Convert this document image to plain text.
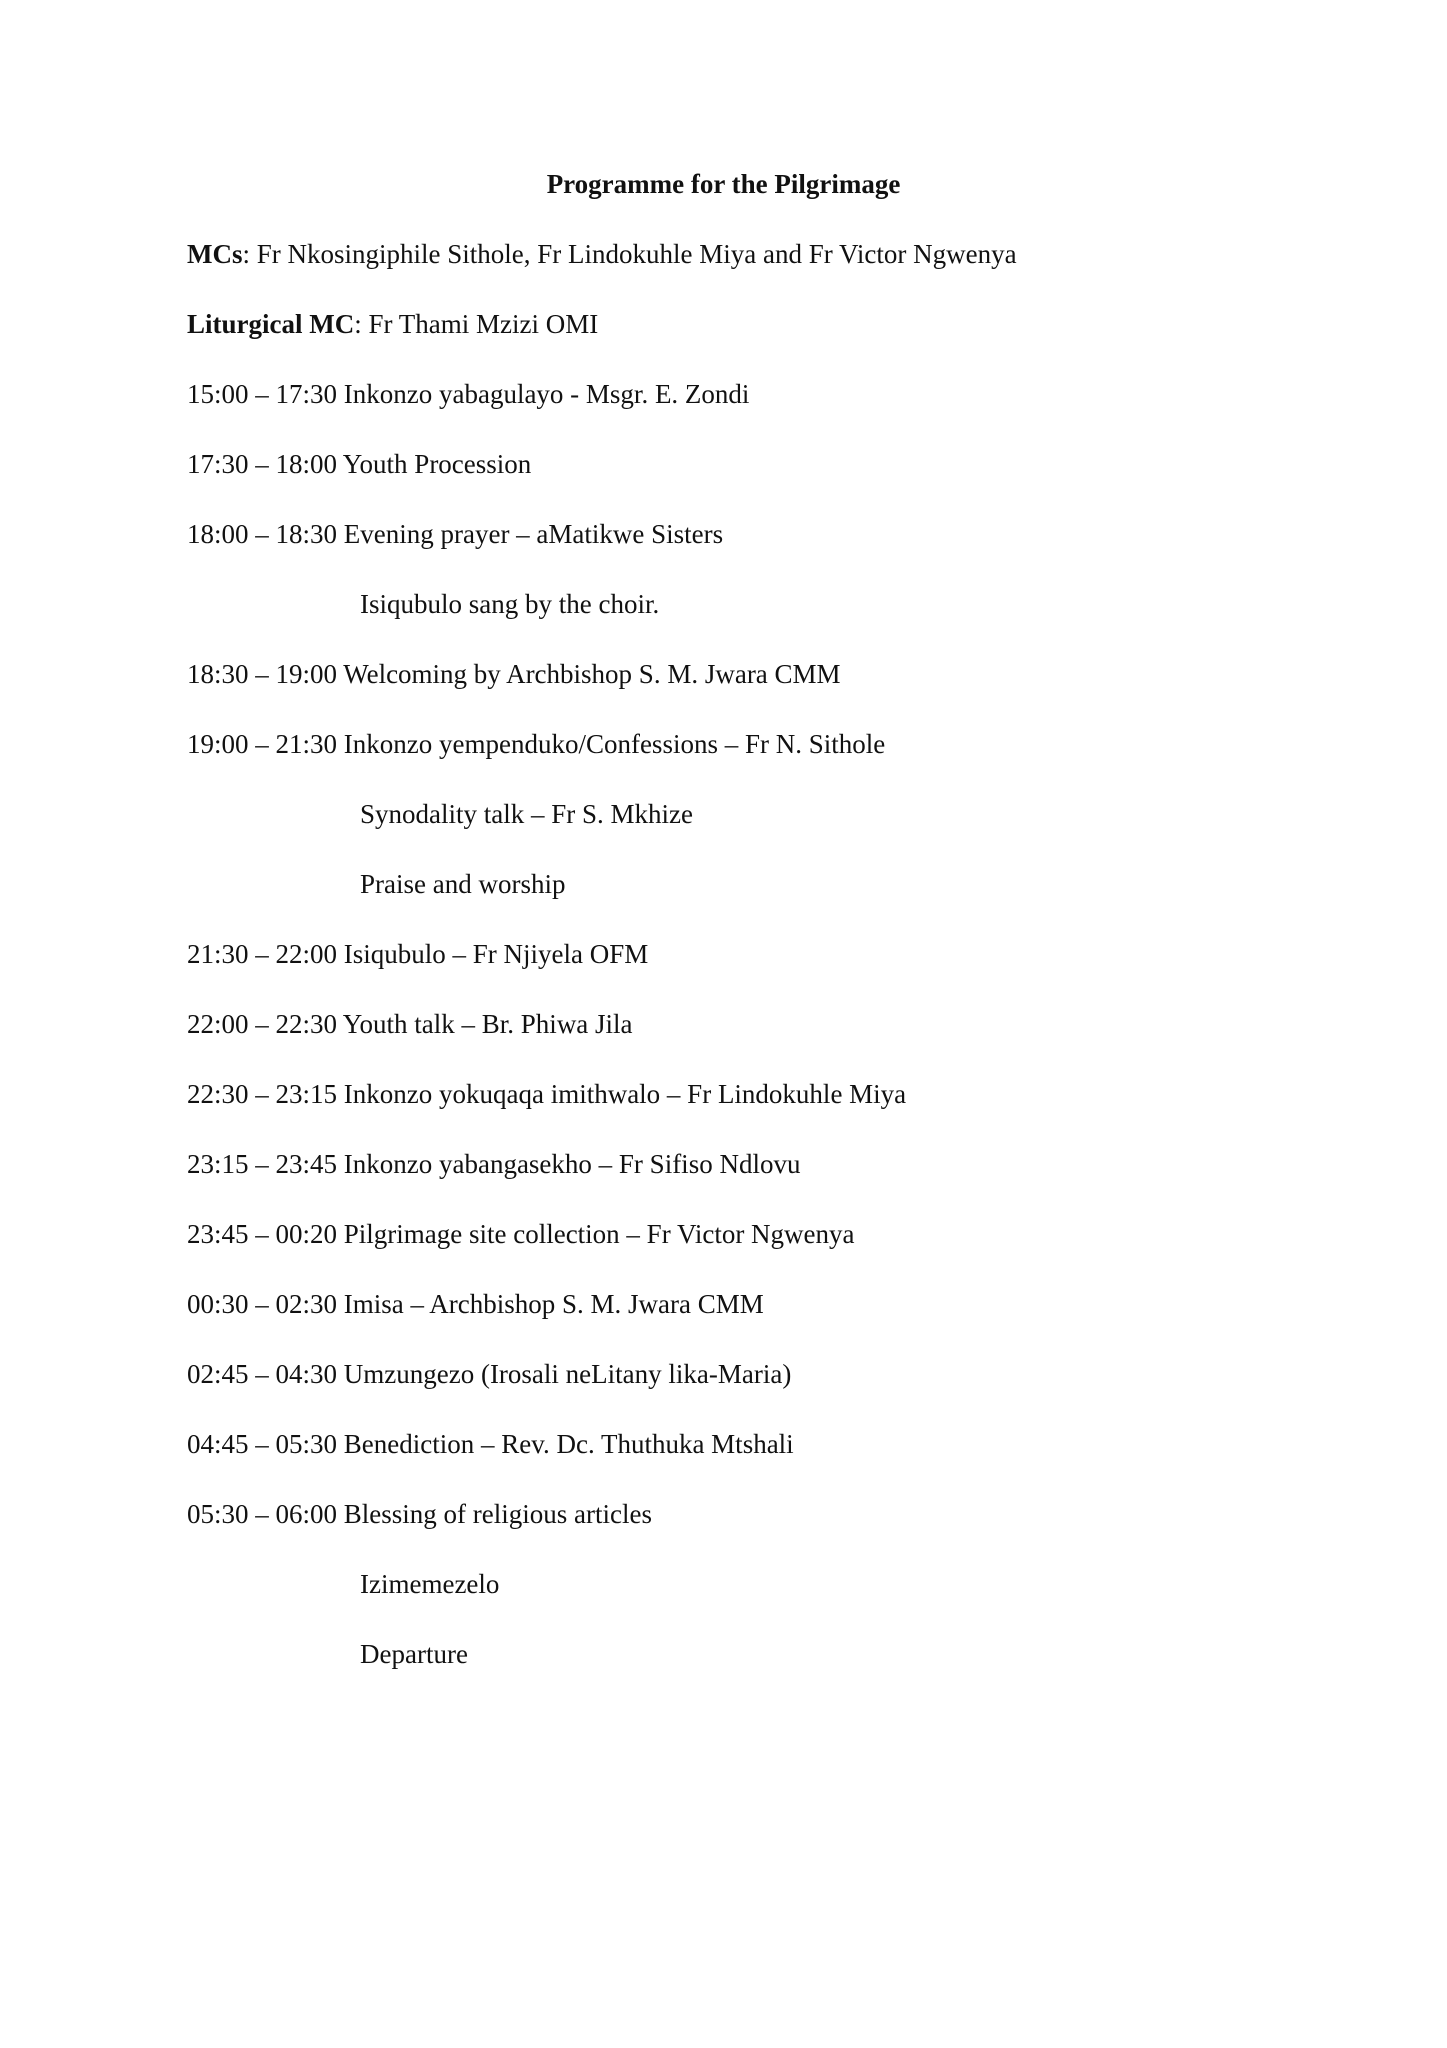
Programme for the Pilgrimage

MCs: Fr Nkosingiphile Sithole, Fr Lindokuhle Miya and Fr Victor Ngwenya

Liturgical MC: Fr Thami Mzizi OMI

15:00 – 17:30 Inkonzo yabagulayo - Msgr. E. Zondi

17:30 – 18:00 Youth Procession

18:00 – 18:30 Evening prayer – aMatikwe Sisters

Isiqubulo sang by the choir.

18:30 – 19:00 Welcoming by Archbishop S. M. Jwara CMM

19:00 – 21:30 Inkonzo yempenduko/Confessions – Fr N. Sithole

Synodality talk – Fr S. Mkhize

Praise and worship

21:30 – 22:00 Isiqubulo – Fr Njiyela OFM

22:00 – 22:30 Youth talk – Br. Phiwa Jila

22:30 – 23:15 Inkonzo yokuqaqa imithwalo – Fr Lindokuhle Miya

23:15 – 23:45 Inkonzo yabangasekho – Fr Sifiso Ndlovu

23:45 – 00:20 Pilgrimage site collection – Fr Victor Ngwenya

00:30 – 02:30 Imisa – Archbishop S. M. Jwara CMM

02:45 – 04:30 Umzungezo (Irosali neLitany lika-Maria)

04:45 – 05:30 Benediction – Rev. Dc. Thuthuka Mtshali

05:30 – 06:00 Blessing of religious articles

Izimemezelo

Departure
